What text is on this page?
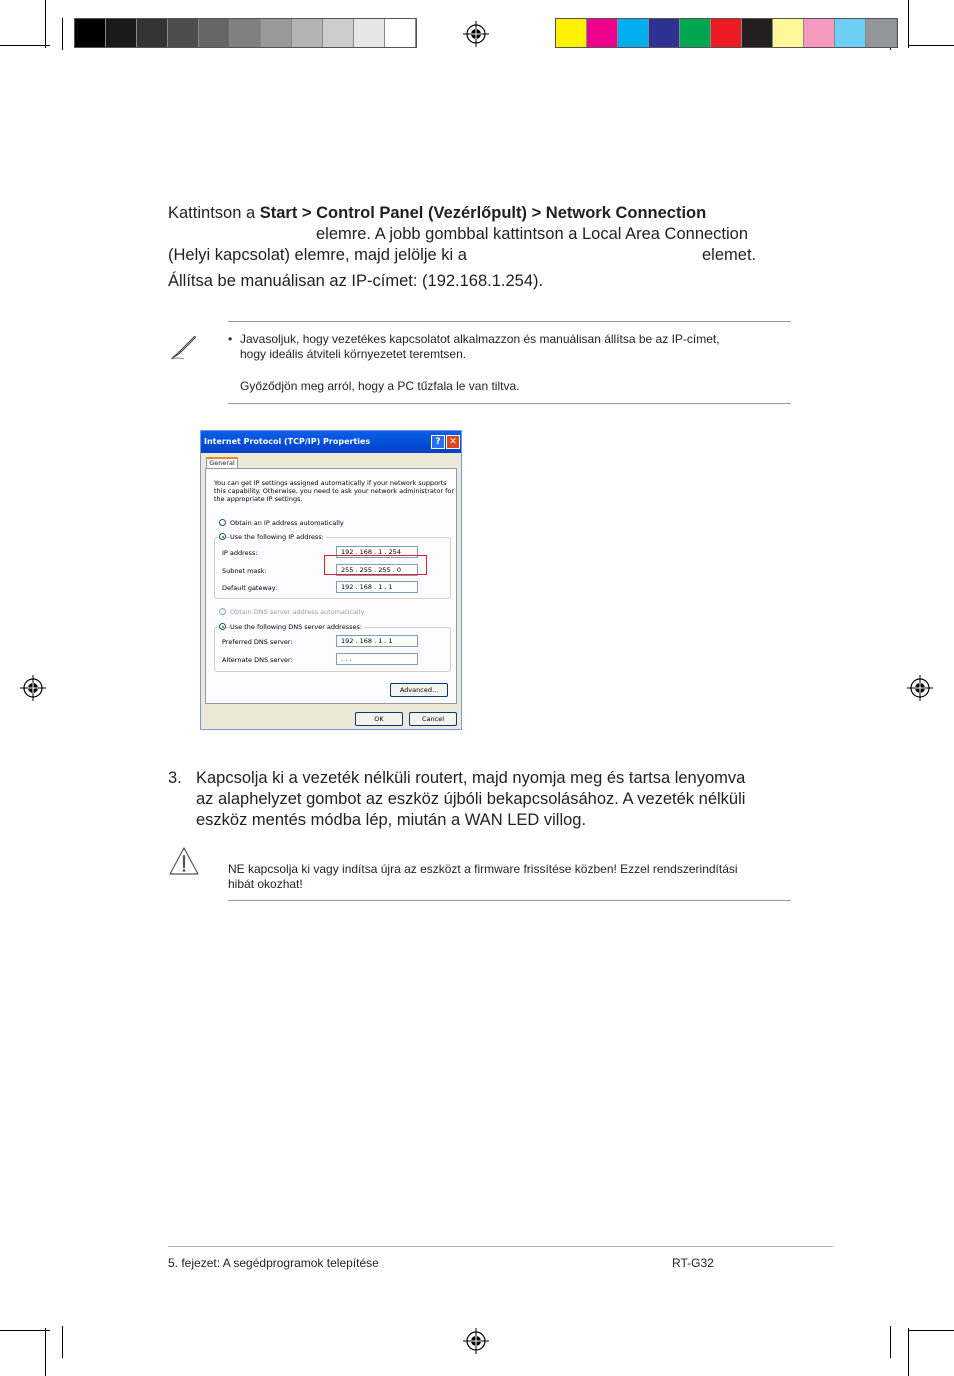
Kattintson a Start > Control Panel (Vezérlőpult) > Network Connection
elemre. A jobb gombbal kattintson a Local Area Connection
(Helyi kapcsolat) elemre, majd jelölje ki a	elemet.
Állítsa be manuálisan az IP-címet: (192.168.1.254).
• Javasoljuk, hogy vezetékes kapcsolatot alkalmazzon és manuálisan állítsa be az IP-címet,
hogy ideális átviteli környezetet teremtsen.
Győződjön meg arról, hogy a PC tűzfala le van tiltva.
Internet Protocol (TCP/IP) Properties	? ✕
General
You can get IP settings assigned automatically if your network supports
this capability. Otherwise, you need to ask your network administrator for
the appropriate IP settings.
Obtain an IP address automatically
Use the following IP address:
IP address:	192 . 168 . 1 . 254
Subnet mask:	255 . 255 . 255 . 0
Default gateway:	192 . 168 . 1 . 1
Obtain DNS server address automatically
Use the following DNS server addresses:
Preferred DNS server:	192 . 168 . 1 . 1
Alternate DNS server:	. . .
Advanced...
OK	Cancel
3. Kapcsolja ki a vezeték nélküli routert, majd nyomja meg és tartsa lenyomva
az alaphelyzet gombot az eszköz újbóli bekapcsolásához. A vezeték nélküli
eszköz mentés módba lép, miután a WAN LED villog.
NE kapcsolja ki vagy indítsa újra az eszközt a firmware frissítése közben! Ezzel rendszerindítási
hibát okozhat!
5. fejezet: A segédprogramok telepítése	RT-G32
